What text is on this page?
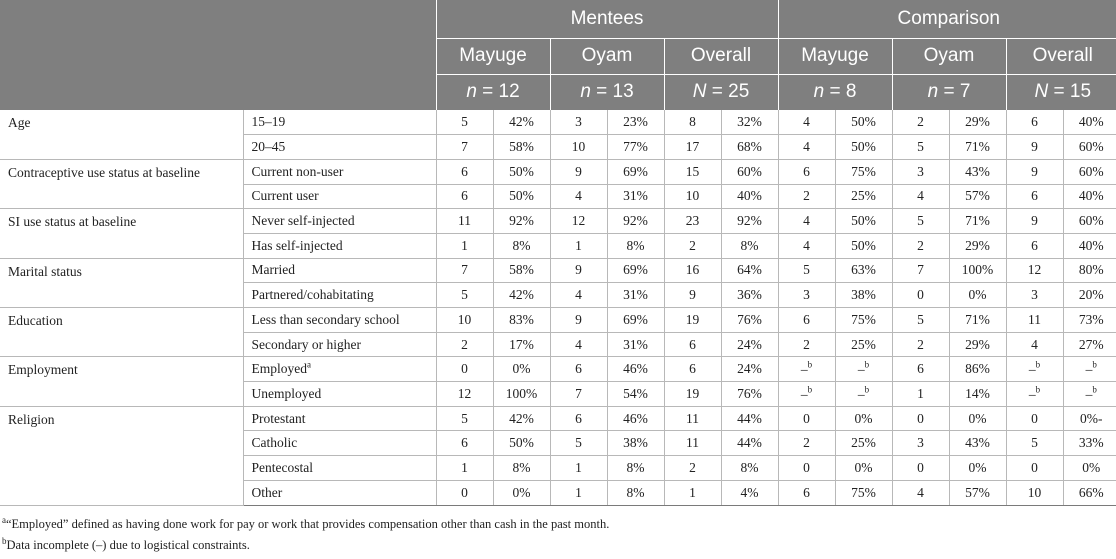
		Mentees						Comparison					
		Mayuge		Oyam		Overall		Mayuge		Oyam		Overall	
		n = 12		n = 13		N = 25		n = 8		n = 7		N = 15	
Age	15–19	5	42%	3	23%	8	32%	4	50%	2	29%	6	40%
	20–45	7	58%	10	77%	17	68%	4	50%	5	71%	9	60%
Contraceptive use status at baseline	Current non-user	6	50%	9	69%	15	60%	6	75%	3	43%	9	60%
	Current user	6	50%	4	31%	10	40%	2	25%	4	57%	6	40%
SI use status at baseline	Never self-injected	11	92%	12	92%	23	92%	4	50%	5	71%	9	60%
	Has self-injected	1	8%	1	8%	2	8%	4	50%	2	29%	6	40%
Marital status	Married	7	58%	9	69%	16	64%	5	63%	7	100%	12	80%
	Partnered/cohabitating	5	42%	4	31%	9	36%	3	38%	0	0%	3	20%
Education	Less than secondary school	10	83%	9	69%	19	76%	6	75%	5	71%	11	73%
	Secondary or higher	2	17%	4	31%	6	24%	2	25%	2	29%	4	27%
Employment	Employed$^a$	0	0%	6	46%	6	24%	_$^b$	_$^b$	6	86%	_$^b$	_$^b$
	Unemployed	12	100%	7	54%	19	76%	_$^b$	_$^b$	1	14%	_$^b$	_$^b$
Religion	Protestant	5	42%	6	46%	11	44%	0	0%	0	0%	0	0%-
	Catholic	6	50%	5	38%	11	44%	2	25%	3	43%	5	33%
	Pentecostal	1	8%	1	8%	2	8%	0	0%	0	0%	0	0%
	Other	0	0%	1	8%	1	4%	6	75%	4	57%	10	66%
$^a$“Employed” defined as having done work for pay or work that provides compensation other than cash in the past month.
$^b$Data incomplete (–) due to logistical constraints.
